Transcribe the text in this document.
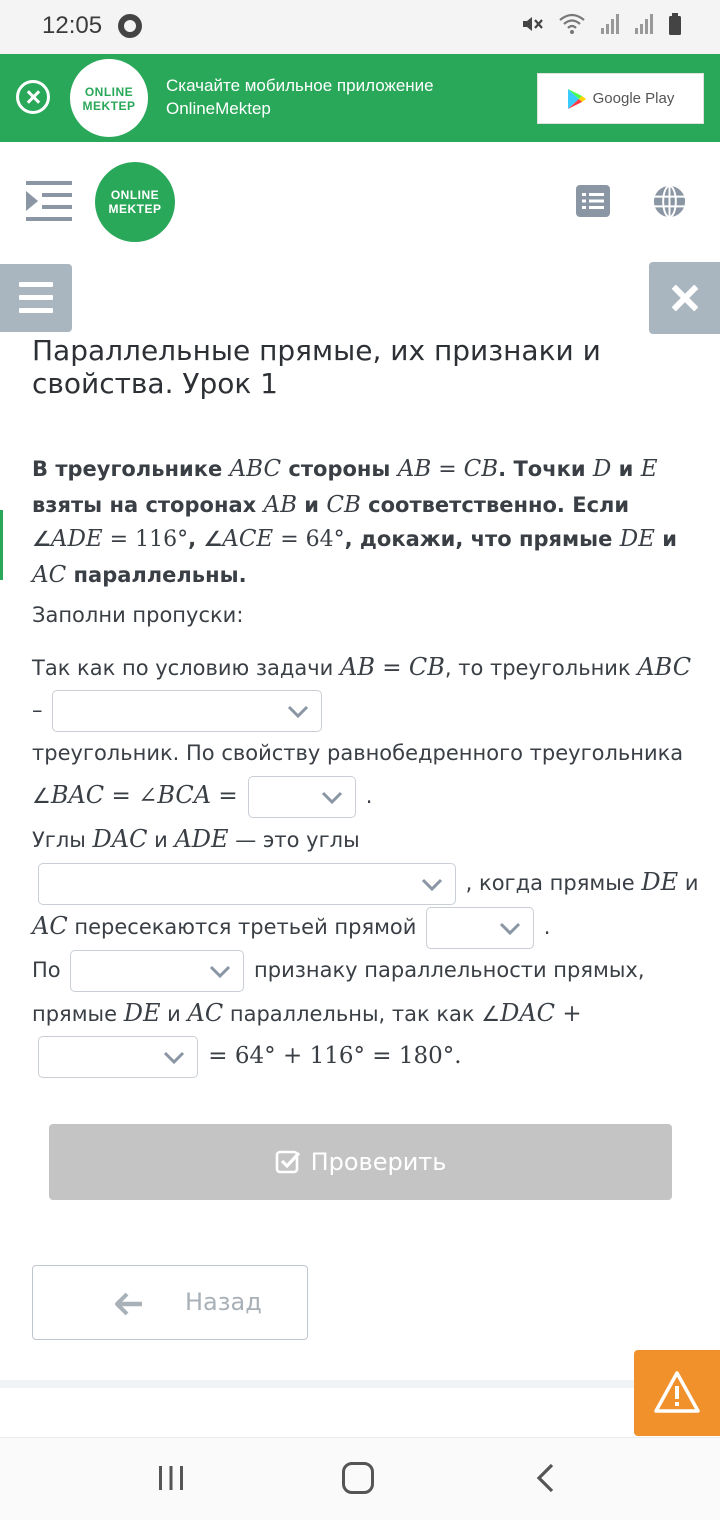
12:05
ONLINE
MEKTEP
Скачайте мобильное приложение
OnlineMektep
Google Play
ONLINE
MEKTEP
Параллельные прямые, их признаки и свойства. Урок 1
В треугольнике ABC стороны AB = CB. Точки D и E взяты на сторонах AB и CB соответственно. Если ∠ADE = 116°, ∠ACE = 64°, докажи, что прямые DE и AC параллельны.
Заполни пропуски:
Так как по условию задачи AB = CB, то треугольник ABC –

треугольник. По свойству равнобедренного треугольника ∠BAC = ∠BCA =	.
Углы DAC и ADE — это углы

, когда прямые DE и AC пересекаются третьей прямой	.
По	признаку параллельности прямых, прямые DE и AC параллельны, так как ∠DAC +

= 64° + 116° = 180°.
Проверить
Назад
